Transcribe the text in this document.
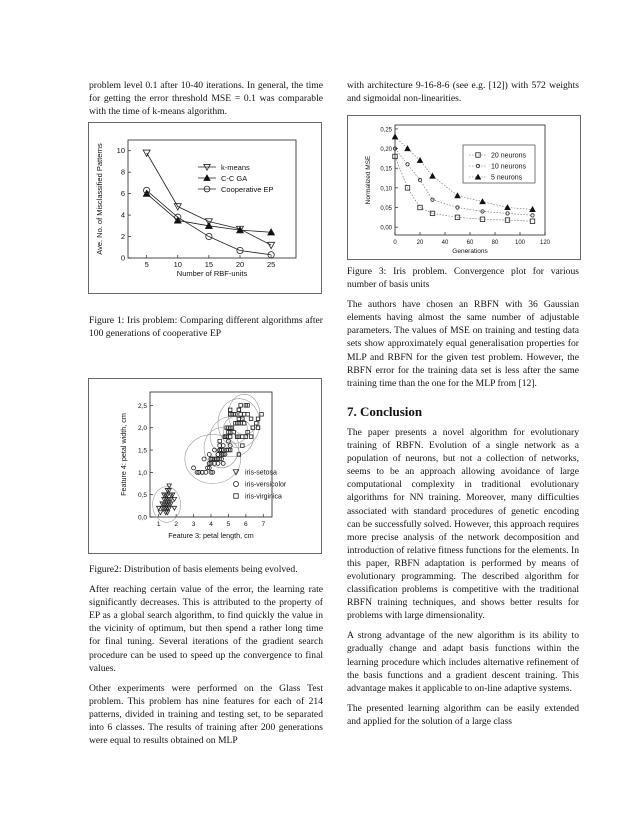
problem level 0.1 after 10-40 iterations. In general, the time for getting the error threshold MSE = 0.1 was comparable with the time of k-means algorithm.

5	10	15	20	25
0
2
4
6
8
10
Number of RBF-units
Ave. No. of Misclassified Patterns	k-means
C-C GA
Cooperative EP

Figure 1: Iris problem: Comparing different algorithms after 100 generations of cooperative EP

1 2 3 4 5 6 7
0,0
0,5
1,0
1,5
2,0
2,5
Feature 3: petal length, cm
Feature 4: petal width, cm	iris-setosa
iris-versicolor
iris-virginica

Figure2: Distribution of basis elements being evolved.

After reaching certain value of the error, the learning rate significantly decreases. This is attributed to the property of EP as a global search algorithm, to find quickly the value in the vicinity of optimum, but then spend a rather long time for final tuning. Several iterations of the gradient search procedure can be used to speed up the convergence to final values.

Other experiments were performed on the Glass Test problem. This problem has nine features for each of 214 patterns, divided in training and testing set, to be separated into 6 classes. The results of training after 200 generations were equal to results obtained on MLP

with architecture 9-16-8-6 (see e.g. [12]) with 572 weights and sigmoidal non-linearities.

0	20	40	60	80	100 120
0,00
0,05
0,10
0,15
0,20
0,25
Generations
Normalized MSE	20 neurons
10 neurons
5 neurons

Figure 3: Iris problem. Convergence plot for various number of basis units

The authors have chosen an RBFN with 36 Gaussian elements having almost the same number of adjustable parameters. The values of MSE on training and testing data sets show approximately equal generalisation properties for MLP and RBFN for the given test problem. However, the RBFN error for the training data set is less after the same training time than the one for the MLP from [12].

7. Conclusion

The paper presents a novel algorithm for evolutionary training of RBFN. Evolution of a single network as a population of neurons, but not a collection of networks, seems to be an approach allowing avoidance of large computational complexity in traditional evolutionary algorithms for NN training. Moreover, many difficulties associated with standard procedures of genetic encoding can be successfully solved. However, this approach requires more precise analysis of the network decomposition and introduction of relative fitness functions for the elements. In this paper, RBFN adaptation is performed by means of evolutionary programming. The described algorithm for classification problems is competitive with the traditional RBFN training techniques, and shows better results for problems with large dimensionality.

A strong advantage of the new algorithm is its ability to gradually change and adapt basis functions within the learning procedure which includes alternative refinement of the basis functions and a gradient descent training. This advantage makes it applicable to on-line adaptive systems.

The presented learning algorithm can be easily extended and applied for the solution of a large class
